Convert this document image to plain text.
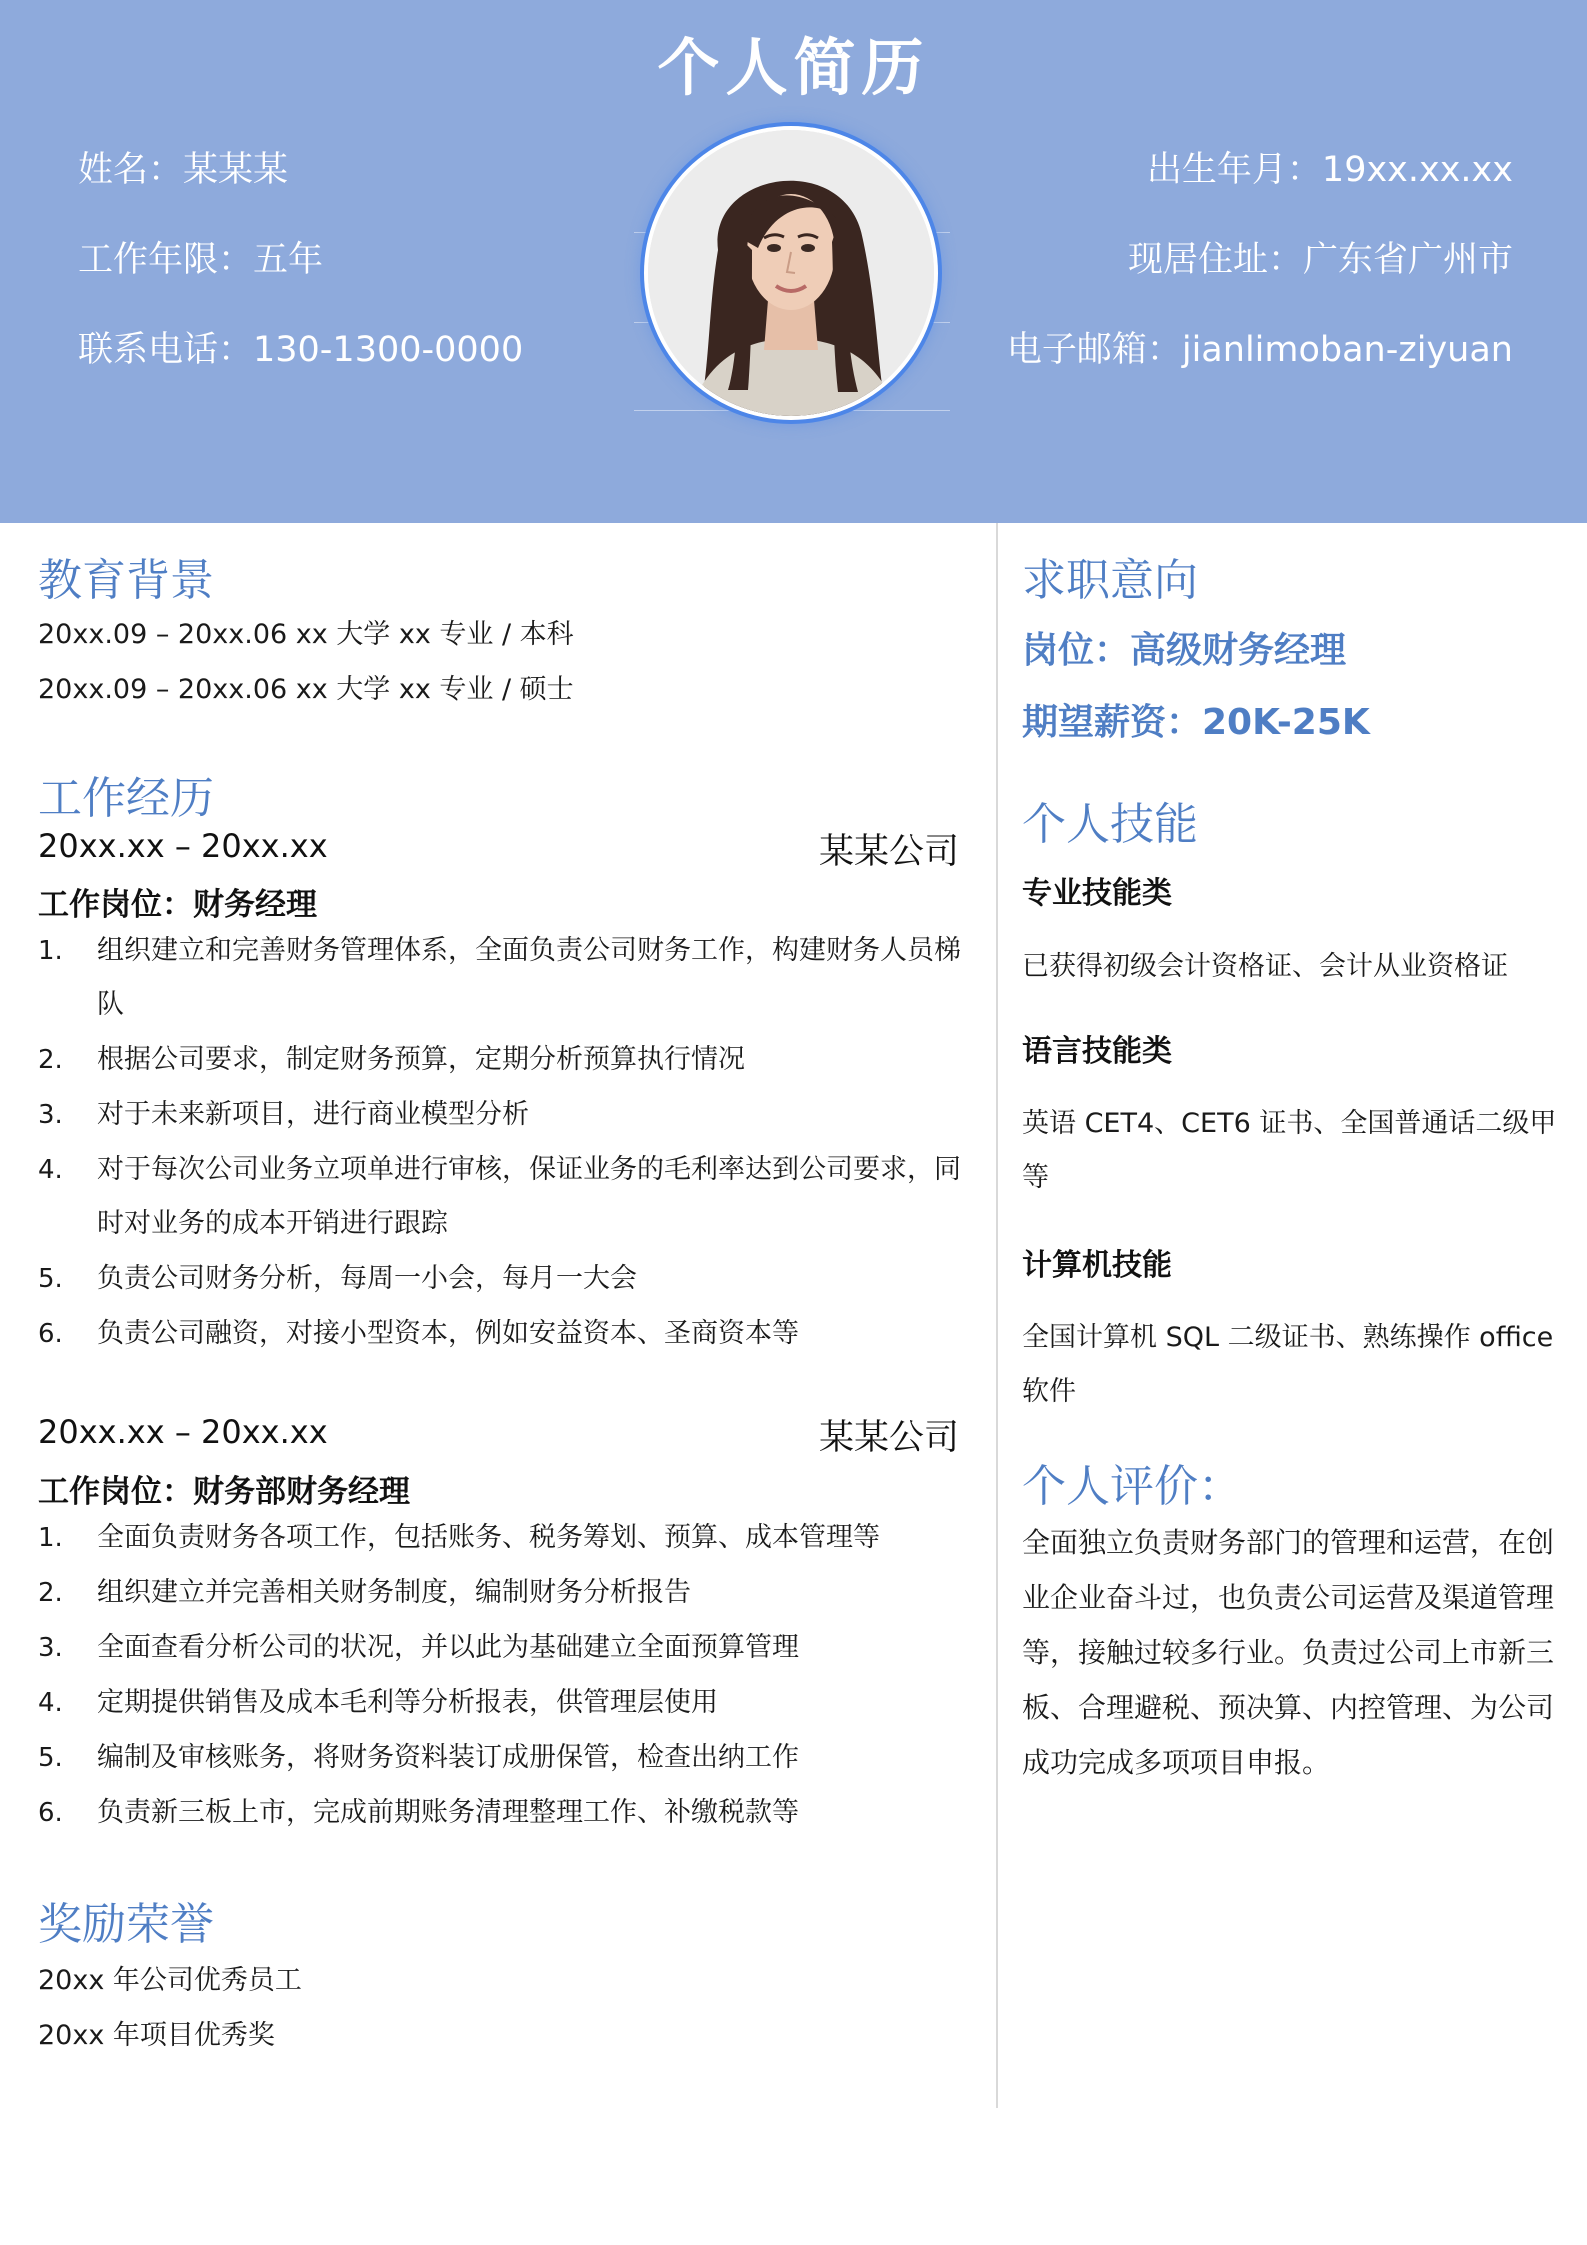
个人简历
姓名：某某某
工作年限：五年
联系电话：130-1300-0000
出生年月：19xx.xx.xx
现居住址：广东省广州市
电子邮箱：jianlimoban-ziyuan
教育背景
20xx.09 – 20xx.06 xx 大学 xx 专业 / 本科
20xx.09 – 20xx.06 xx 大学 xx 专业 / 硕士
工作经历
20xx.xx – 20xx.xx	某某公司
工作岗位：财务经理
1. 组织建立和完善财务管理体系，全面负责公司财务工作，构建财务人员梯队
2. 根据公司要求，制定财务预算，定期分析预算执行情况
3. 对于未来新项目，进行商业模型分析
4. 对于每次公司业务立项单进行审核，保证业务的毛利率达到公司要求，同时对业务的成本开销进行跟踪
5. 负责公司财务分析，每周一小会，每月一大会
6. 负责公司融资，对接小型资本，例如安益资本、圣商资本等
20xx.xx – 20xx.xx	某某公司
工作岗位：财务部财务经理
1. 全面负责财务各项工作，包括账务、税务筹划、预算、成本管理等
2. 组织建立并完善相关财务制度，编制财务分析报告
3. 全面查看分析公司的状况，并以此为基础建立全面预算管理
4. 定期提供销售及成本毛利等分析报表，供管理层使用
5. 编制及审核账务，将财务资料装订成册保管，检查出纳工作
6. 负责新三板上市，完成前期账务清理整理工作、补缴税款等
奖励荣誉
20xx 年公司优秀员工
20xx 年项目优秀奖
求职意向
岗位：高级财务经理
期望薪资：20K-25K
个人技能
专业技能类
已获得初级会计资格证、会计从业资格证
语言技能类
英语 CET4、CET6 证书、全国普通话二级甲等
计算机技能
全国计算机 SQL 二级证书、熟练操作 office 软件
个人评价：
全面独立负责财务部门的管理和运营，在创业企业奋斗过，也负责公司运营及渠道管理等，接触过较多行业。负责过公司上市新三板、合理避税、预决算、内控管理、为公司成功完成多项项目申报。
